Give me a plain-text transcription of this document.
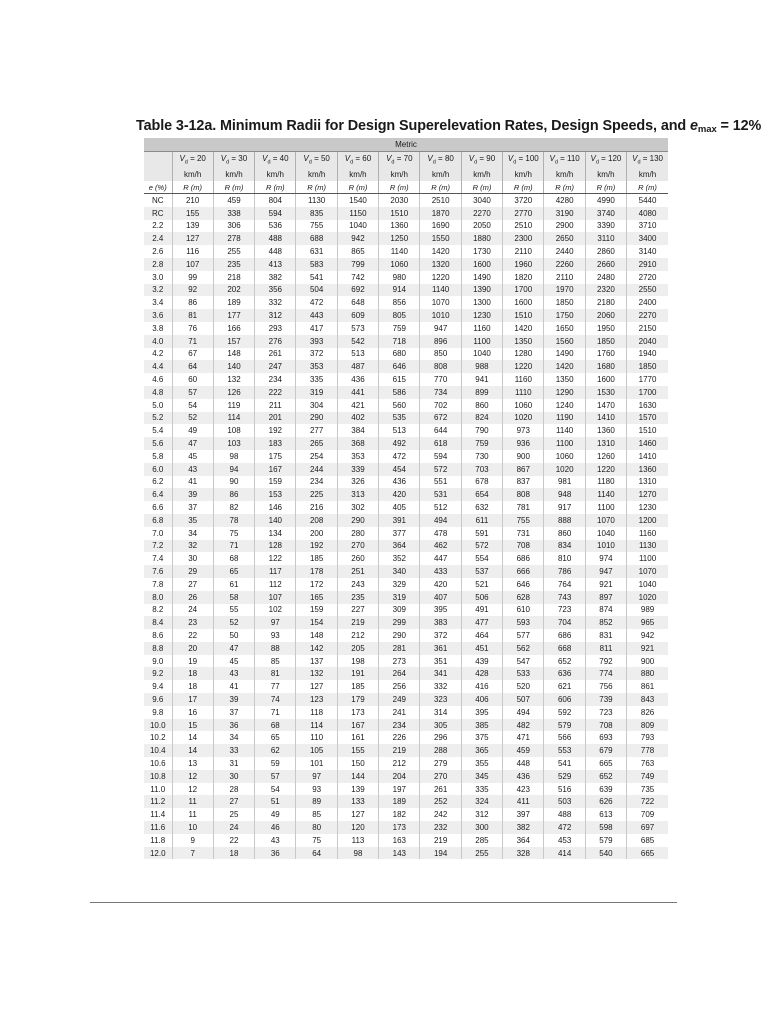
Table 3-12a. Minimum Radii for Design Superelevation Rates, Design Speeds, and $e_{max} = 12\%$
Metric												
	$V_d = 20$	$V_d = 30$	$V_d = 40$	$V_d = 50$	$V_d = 60$	$V_d = 70$	$V_d = 80$	$V_d = 90$	$V_d = 100$	$V_d = 110$	$V_d = 120$	$V_d = 130$
	km/h	km/h	km/h	km/h	km/h	km/h	km/h	km/h	km/h	km/h	km/h	km/h
e (%)	R (m)	R (m)	R (m)	R (m)	R (m)	R (m)	R (m)	R (m)	R (m)	R (m)	R (m)	R (m)
NC	210	459	804	1130	1540	2030	2510	3040	3720	4280	4990	5440
RC	155	338	594	835	1150	1510	1870	2270	2770	3190	3740	4080
2.2	139	306	536	755	1040	1360	1690	2050	2510	2900	3390	3710
2.4	127	278	488	688	942	1250	1550	1880	2300	2650	3110	3400
2.6	116	255	448	631	865	1140	1420	1730	2110	2440	2860	3140
2.8	107	235	413	583	799	1060	1320	1600	1960	2260	2660	2910
3.0	99	218	382	541	742	980	1220	1490	1820	2110	2480	2720
3.2	92	202	356	504	692	914	1140	1390	1700	1970	2320	2550
3.4	86	189	332	472	648	856	1070	1300	1600	1850	2180	2400
3.6	81	177	312	443	609	805	1010	1230	1510	1750	2060	2270
3.8	76	166	293	417	573	759	947	1160	1420	1650	1950	2150
4.0	71	157	276	393	542	718	896	1100	1350	1560	1850	2040
4.2	67	148	261	372	513	680	850	1040	1280	1490	1760	1940
4.4	64	140	247	353	487	646	808	988	1220	1420	1680	1850
4.6	60	132	234	335	436	615	770	941	1160	1350	1600	1770
4.8	57	126	222	319	441	586	734	899	1110	1290	1530	1700
5.0	54	119	211	304	421	560	702	860	1060	1240	1470	1630
5.2	52	114	201	290	402	535	672	824	1020	1190	1410	1570
5.4	49	108	192	277	384	513	644	790	973	1140	1360	1510
5.6	47	103	183	265	368	492	618	759	936	1100	1310	1460
5.8	45	98	175	254	353	472	594	730	900	1060	1260	1410
6.0	43	94	167	244	339	454	572	703	867	1020	1220	1360
6.2	41	90	159	234	326	436	551	678	837	981	1180	1310
6.4	39	86	153	225	313	420	531	654	808	948	1140	1270
6.6	37	82	146	216	302	405	512	632	781	917	1100	1230
6.8	35	78	140	208	290	391	494	611	755	888	1070	1200
7.0	34	75	134	200	280	377	478	591	731	860	1040	1160
7.2	32	71	128	192	270	364	462	572	708	834	1010	1130
7.4	30	68	122	185	260	352	447	554	686	810	974	1100
7.6	29	65	117	178	251	340	433	537	666	786	947	1070
7.8	27	61	112	172	243	329	420	521	646	764	921	1040
8.0	26	58	107	165	235	319	407	506	628	743	897	1020
8.2	24	55	102	159	227	309	395	491	610	723	874	989
8.4	23	52	97	154	219	299	383	477	593	704	852	965
8.6	22	50	93	148	212	290	372	464	577	686	831	942
8.8	20	47	88	142	205	281	361	451	562	668	811	921
9.0	19	45	85	137	198	273	351	439	547	652	792	900
9.2	18	43	81	132	191	264	341	428	533	636	774	880
9.4	18	41	77	127	185	256	332	416	520	621	756	861
9.6	17	39	74	123	179	249	323	406	507	606	739	843
9.8	16	37	71	118	173	241	314	395	494	592	723	826
10.0	15	36	68	114	167	234	305	385	482	579	708	809
10.2	14	34	65	110	161	226	296	375	471	566	693	793
10.4	14	33	62	105	155	219	288	365	459	553	679	778
10.6	13	31	59	101	150	212	279	355	448	541	665	763
10.8	12	30	57	97	144	204	270	345	436	529	652	749
11.0	12	28	54	93	139	197	261	335	423	516	639	735
11.2	11	27	51	89	133	189	252	324	411	503	626	722
11.4	11	25	49	85	127	182	242	312	397	488	613	709
11.6	10	24	46	80	120	173	232	300	382	472	598	697
11.8	9	22	43	75	113	163	219	285	364	453	579	685
12.0	7	18	36	64	98	143	194	255	328	414	540	665
